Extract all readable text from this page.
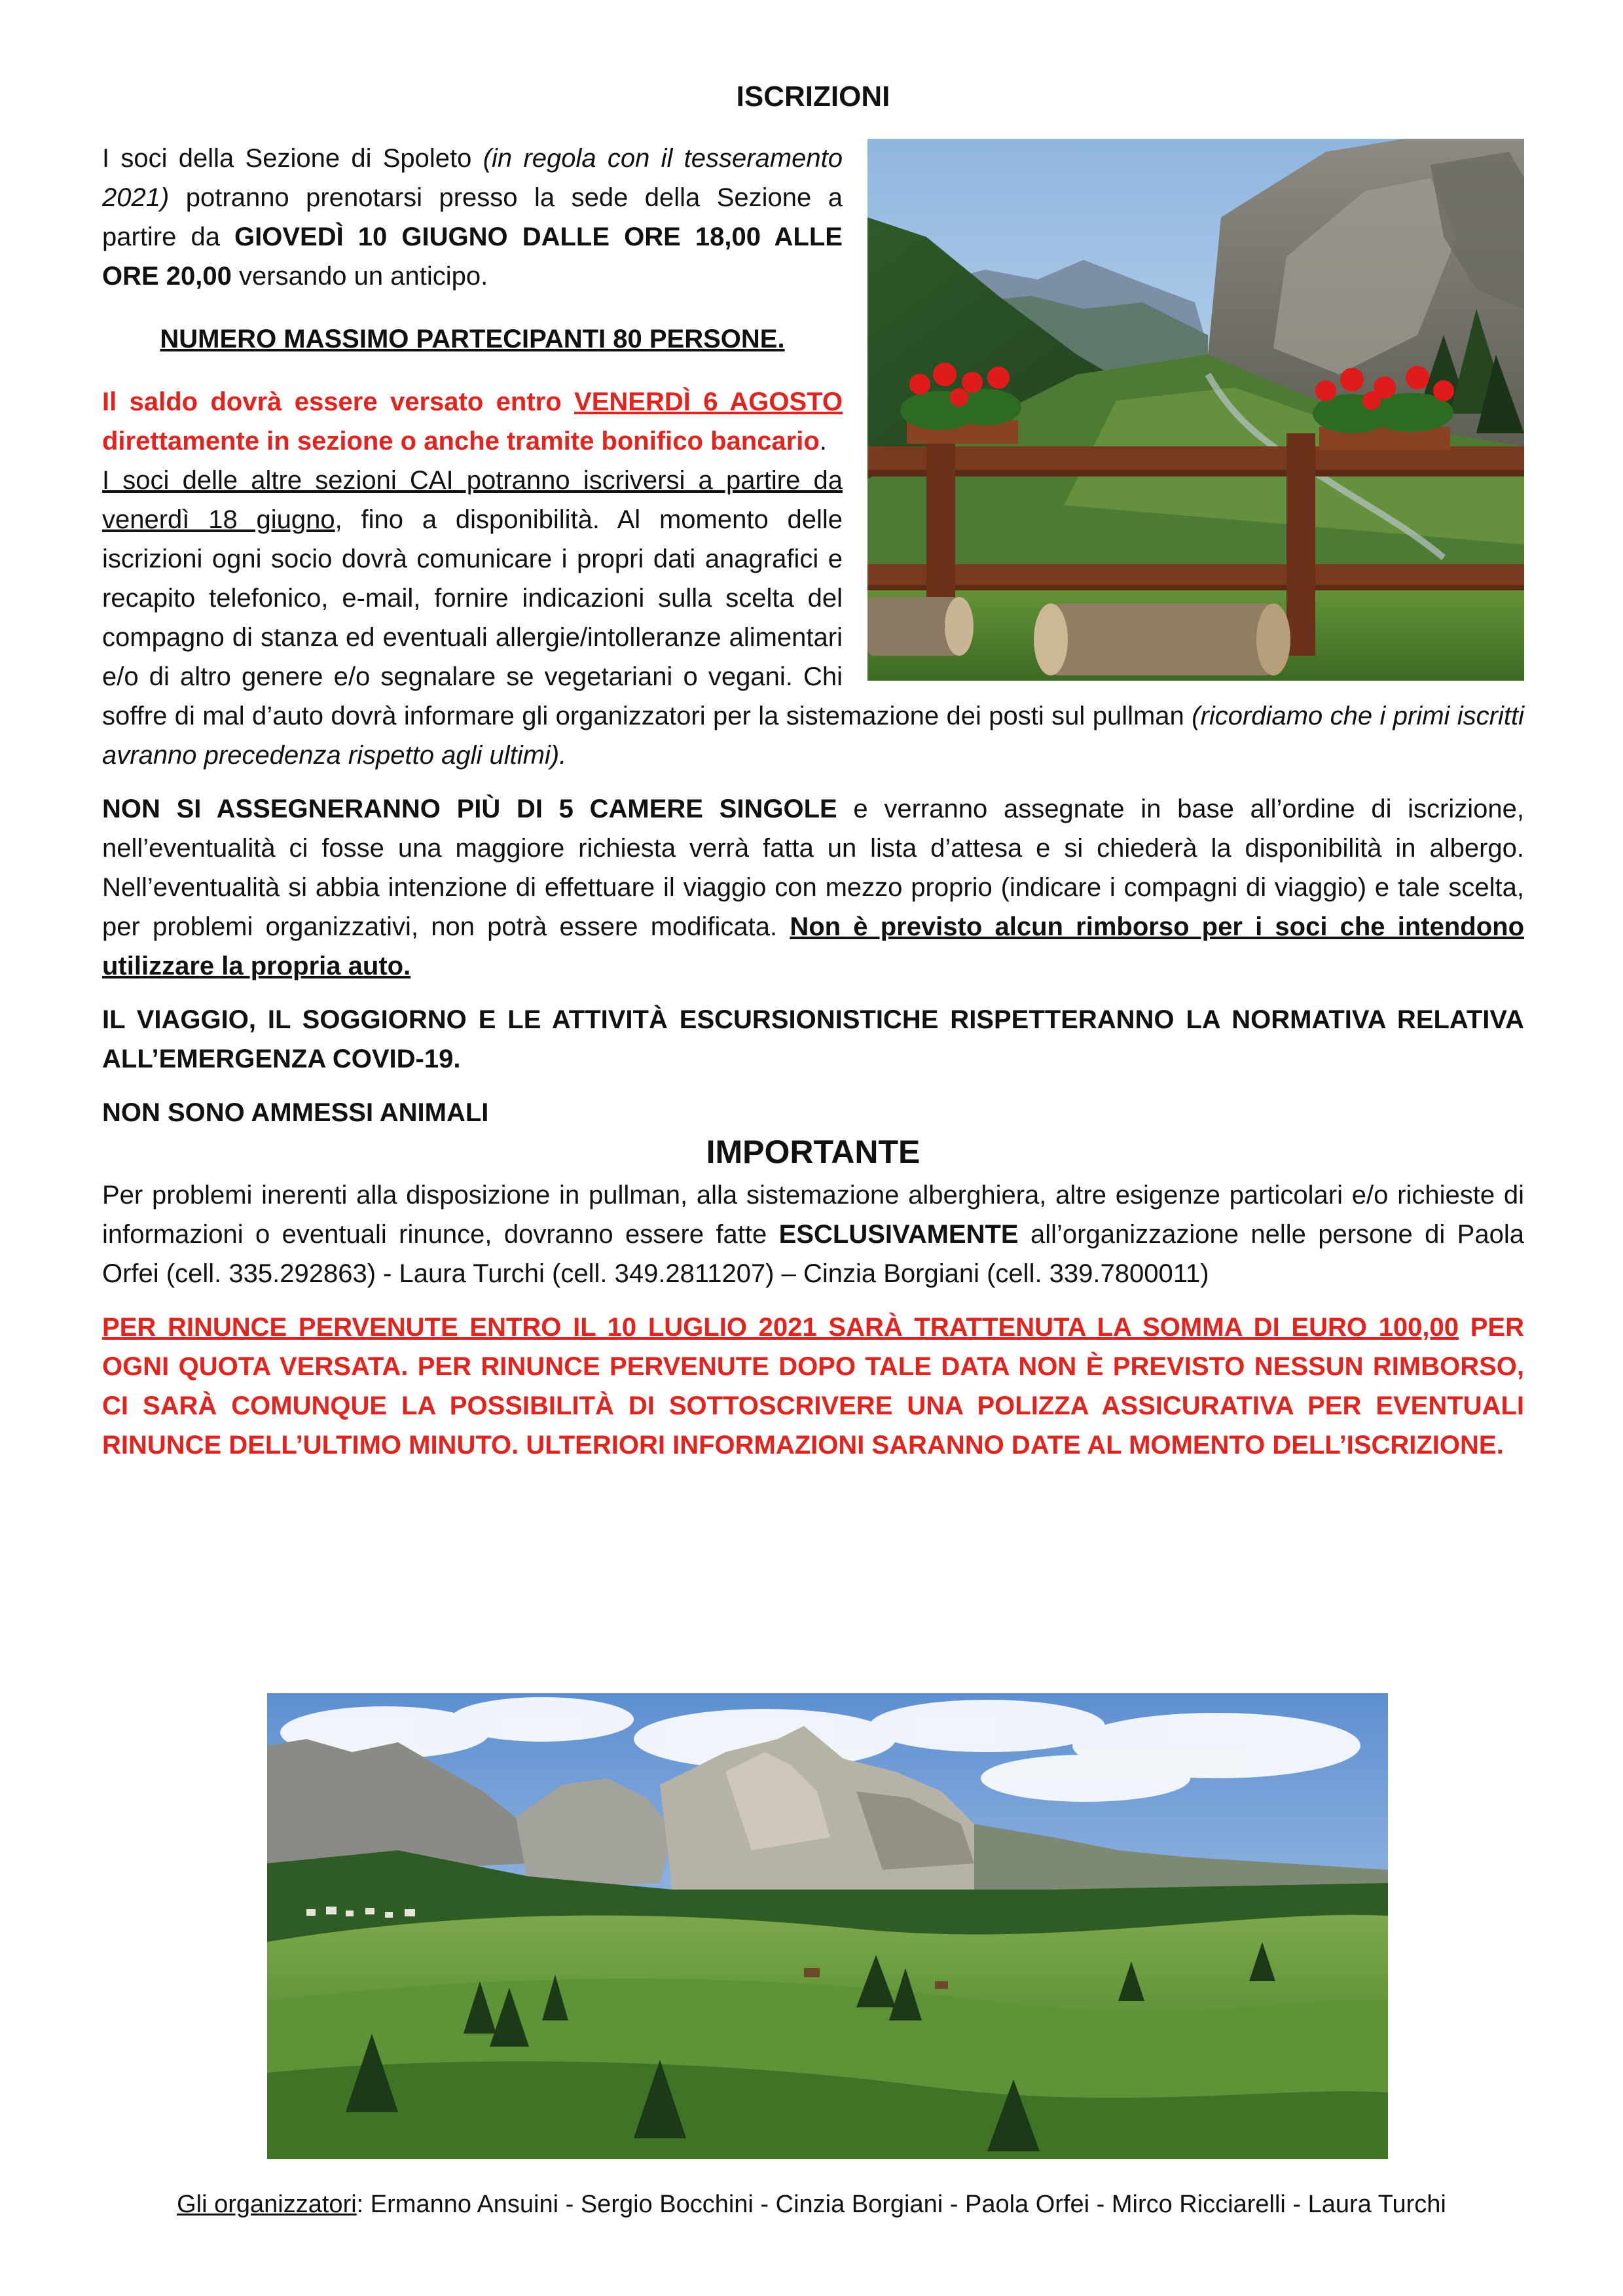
ISCRIZIONI

I soci della Sezione di Spoleto (in regola con il tesseramento 2021) potranno prenotarsi presso la sede della Sezione a partire da GIOVEDÌ 10 GIUGNO DALLE ORE 18,00 ALLE ORE 20,00 versando un anticipo.

NUMERO MASSIMO PARTECIPANTI 80 PERSONE.

Il saldo dovrà essere versato entro VENERDÌ 6 AGOSTO direttamente in sezione o anche tramite bonifico bancario.
I soci delle altre sezioni CAI potranno iscriversi a partire da venerdì 18 giugno, fino a disponibilità. Al momento delle iscrizioni ogni socio dovrà comunicare i propri dati anagrafici e recapito telefonico, e-mail, fornire indicazioni sulla scelta del compagno di stanza ed eventuali allergie/intolleranze alimentari e/o di altro genere e/o segnalare se vegetariani o vegani. Chi soffre di mal d’auto dovrà informare gli organizzatori per la sistemazione dei posti sul pullman (ricordiamo che i primi iscritti avranno precedenza rispetto agli ultimi).

NON SI ASSEGNERANNO PIÙ DI 5 CAMERE SINGOLE e verranno assegnate in base all’ordine di iscrizione, nell’eventualità ci fosse una maggiore richiesta verrà fatta un lista d’attesa e si chiederà la disponibilità in albergo. Nell’eventualità si abbia intenzione di effettuare il viaggio con mezzo proprio (indicare i compagni di viaggio) e tale scelta, per problemi organizzativi, non potrà essere modificata. Non è previsto alcun rimborso per i soci che intendono utilizzare la propria auto.

IL VIAGGIO, IL SOGGIORNO E LE ATTIVITÀ ESCURSIONISTICHE RISPETTERANNO LA NORMATIVA RELATIVA ALL’EMERGENZA COVID-19.

NON SONO AMMESSI ANIMALI

IMPORTANTE

Per problemi inerenti alla disposizione in pullman, alla sistemazione alberghiera, altre esigenze particolari e/o richieste di informazioni o eventuali rinunce, dovranno essere fatte ESCLUSIVAMENTE all’organizzazione nelle persone di Paola Orfei (cell. 335.292863) - Laura Turchi (cell. 349.2811207) – Cinzia Borgiani (cell. 339.7800011)

PER RINUNCE PERVENUTE ENTRO IL 10 LUGLIO 2021 SARÀ TRATTENUTA LA SOMMA DI EURO 100,00 PER OGNI QUOTA VERSATA. PER RINUNCE PERVENUTE DOPO TALE DATA NON È PREVISTO NESSUN RIMBORSO, CI SARÀ COMUNQUE LA POSSIBILITÀ DI SOTTOSCRIVERE UNA POLIZZA ASSICURATIVA PER EVENTUALI RINUNCE DELL’ULTIMO MINUTO. ULTERIORI INFORMAZIONI SARANNO DATE AL MOMENTO DELL’ISCRIZIONE.

Gli organizzatori: Ermanno Ansuini - Sergio Bocchini - Cinzia Borgiani - Paola Orfei - Mirco Ricciarelli - Laura Turchi
